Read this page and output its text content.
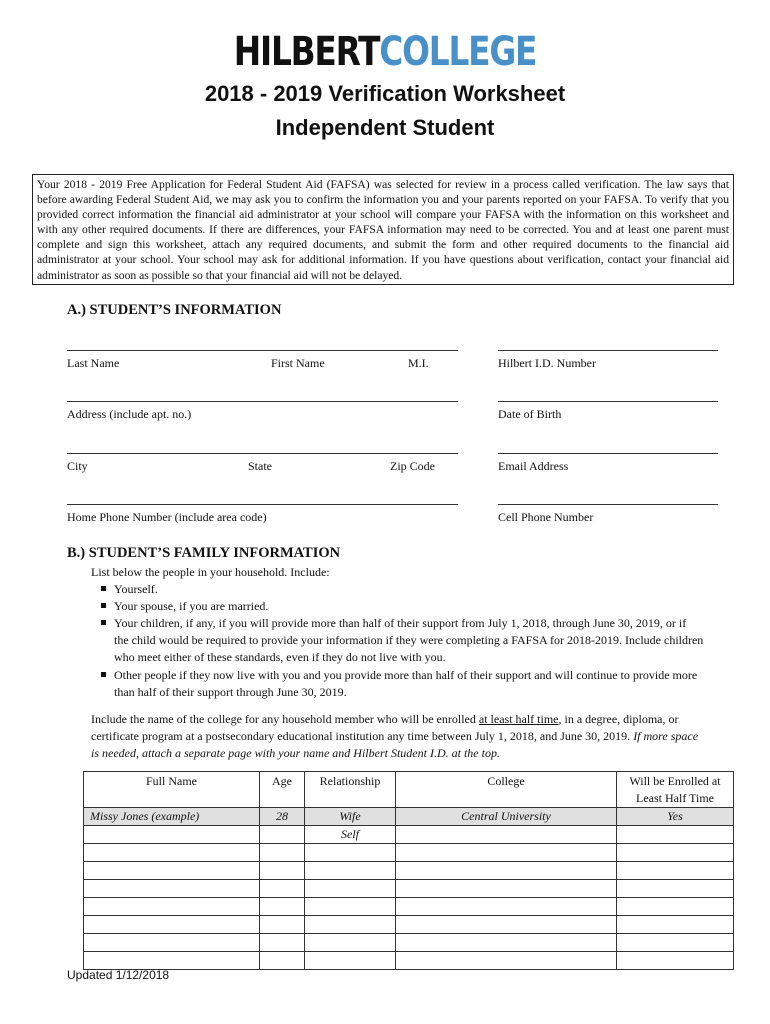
HILBERTCOLLEGE
2018 - 2019 Verification Worksheet
Independent Student
Your 2018 - 2019 Free Application for Federal Student Aid (FAFSA) was selected for review in a process called verification. The law says that before awarding Federal Student Aid, we may ask you to confirm the information you and your parents reported on your FAFSA. To verify that you provided correct information the financial aid administrator at your school will compare your FAFSA with the information on this worksheet and with any other required documents. If there are differences, your FAFSA information may need to be corrected. You and at least one parent must complete and sign this worksheet, attach any required documents, and submit the form and other required documents to the financial aid administrator at your school. Your school may ask for additional information. If you have questions about verification, contact your financial aid administrator as soon as possible so that your financial aid will not be delayed.
A.) STUDENT’S INFORMATION
Last Name	First Name	M.I.	Hilbert I.D. Number
Address (include apt. no.)	Date of Birth
City	State	Zip Code	Email Address
Home Phone Number (include area code)	Cell Phone Number
B.) STUDENT’S FAMILY INFORMATION
List below the people in your household. Include:
Yourself.
Your spouse, if you are married.
Your children, if any, if you will provide more than half of their support from July 1, 2018, through June 30, 2019, or if
the child would be required to provide your information if they were completing a FAFSA for 2018-2019. Include children
who meet either of these standards, even if they do not live with you.
Other people if they now live with you and you provide more than half of their support and will continue to provide more
than half of their support through June 30, 2019.
Include the name of the college for any household member who will be enrolled at least half time, in a degree, diploma, or
certificate program at a postsecondary educational institution any time between July 1, 2018, and June 30, 2019. If more space
is needed, attach a separate page with your name and Hilbert Student I.D. at the top.
Full Name	Age	Relationship	College	Will be Enrolled at
Least Half Time
Missy Jones (example)	28	Wife	Central University	Yes
		Self		

Updated 1/12/2018
